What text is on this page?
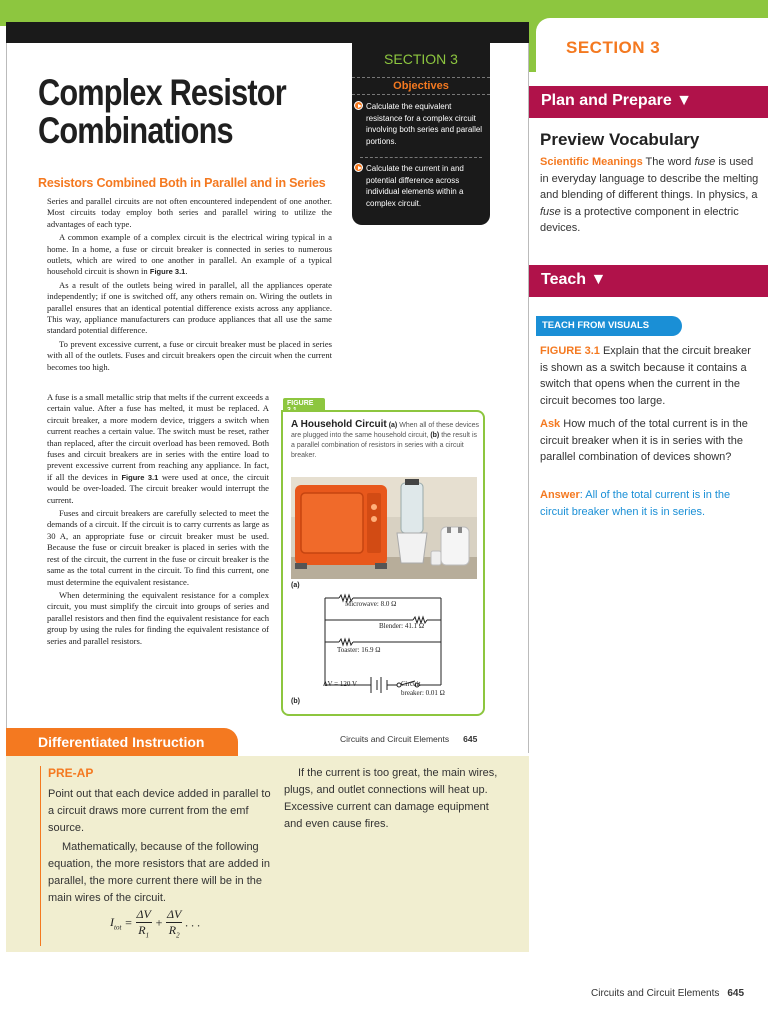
SECTION 3
Complex Resistor
Combinations
SECTION 3
Objectives
Calculate the equivalent resistance for a complex circuit involving both series and parallel portions.
Calculate the current in and potential difference across individual elements within a complex circuit.
Resistors Combined Both in Parallel and in Series

Series and parallel circuits are not often encountered independent of one another. Most circuits today employ both series and parallel wiring to utilize the advantages of each type.

A common example of a complex circuit is the electrical wiring typical in a home. In a home, a fuse or circuit breaker is connected in series to numerous outlets, which are wired to one another in parallel. An example of a typical household circuit is shown in Figure 3.1.

As a result of the outlets being wired in parallel, all the appliances operate independently; if one is switched off, any others remain on. Wiring the outlets in parallel ensures that an identical potential difference exists across any appliance. This way, appliance manufacturers can produce appliances that all use the same standard potential difference.

To prevent excessive current, a fuse or circuit breaker must be placed in series with all of the outlets. Fuses and circuit breakers open the circuit when the current becomes too high.

A fuse is a small metallic strip that melts if the current exceeds a certain value. After a fuse has melted, it must be replaced. A circuit breaker, a more modern device, triggers a switch when current reaches a certain value. The switch must be reset, rather than replaced, after the circuit overload has been removed. Both fuses and circuit breakers are in series with the entire load to prevent excessive current from reaching any appliance. In fact, if all the devices in Figure 3.1 were used at once, the circuit would be over-loaded. The circuit breaker would interrupt the current.

Fuses and circuit breakers are carefully selected to meet the demands of a circuit. If the circuit is to carry currents as large as 30 A, an appropriate fuse or circuit breaker must be used. Because the fuse or circuit breaker is placed in series with the rest of the circuit, the current in the fuse or circuit breaker is the same as the total current in the circuit. To find this current, one must determine the equivalent resistance.

When determining the equivalent resistance for a complex circuit, you must simplify the circuit into groups of series and parallel resistors and then find the equivalent resistance for each group by using the rules for finding the equivalent resistance of series and parallel resistors.

FIGURE
A Household Circuit (a) When all of these devices are plugged into the same household circuit, (b) the result is a parallel combination of resistors in series with a circuit breaker.
(a)
Microwave: 8.0 Ω
Blender: 41.1 Ω
Toaster: 16.9 Ω
ΔV = 120 V	Circuit
breaker: 0.01 Ω
(b)
Circuits and Circuit Elements 645
Differentiated Instruction
PRE-AP

Point out that each device added in parallel to a circuit draws more current from the emf source.

Mathematically, because of the following equation, the more resistors that are added in parallel, the more current there will be in the main wires of the circuit.

If the current is too great, the main wires, plugs, and outlet connections will heat up. Excessive current can damage equipment and even cause fires.

$I_{tot} = \frac{\Delta V}{R_1} + \frac{\Delta V}{R_2}$ . . .
Plan and Prepare ▼
Preview Vocabulary
Scientific Meanings The word fuse is used in everyday language to describe the melting and blending of different things. In physics, a fuse is a protective component in electric devices.
Teach ▼
TEACH FROM VISUALS
FIGURE 3.1 Explain that the circuit breaker is shown as a switch because it contains a switch that opens when the current in the circuit becomes too large.
Ask How much of the total current is in the circuit breaker when it is in series with the parallel combination of devices shown?
Answer: All of the total current is in the circuit breaker when it is in series.
Circuits and Circuit Elements 645
